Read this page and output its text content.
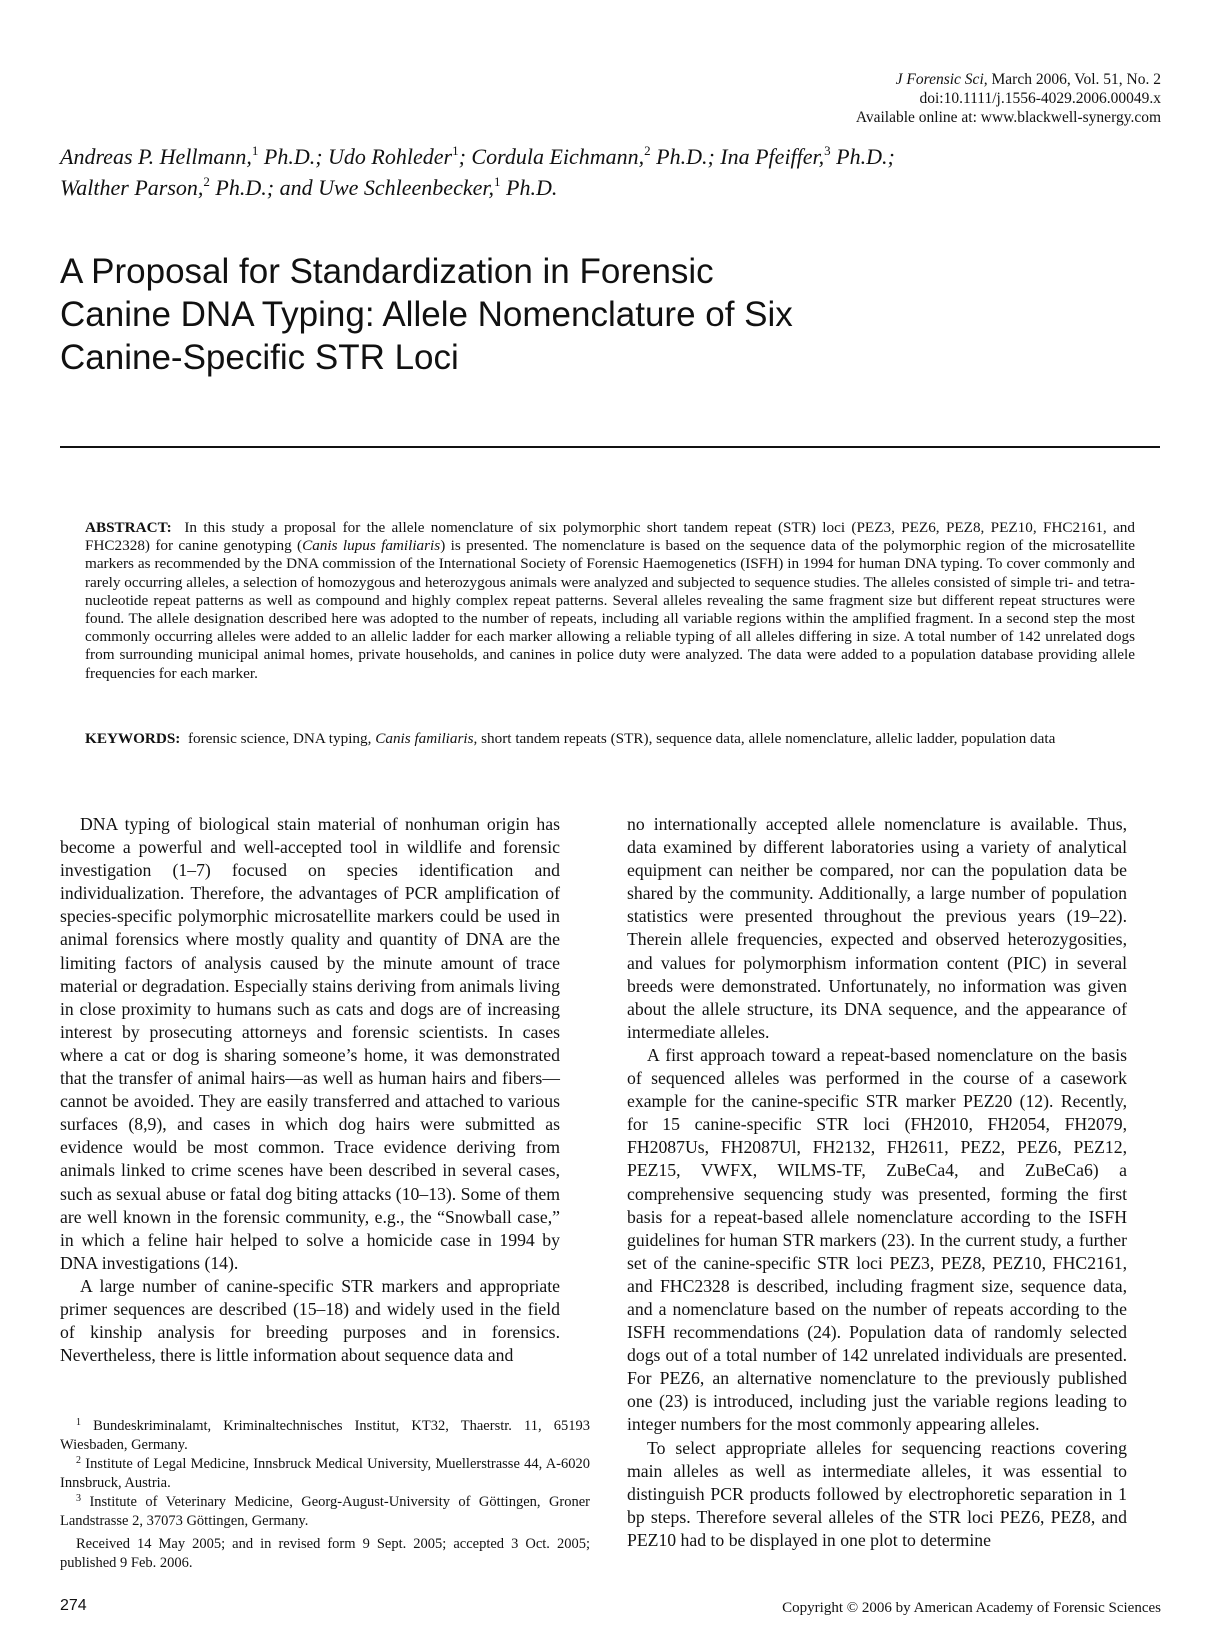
J Forensic Sci, March 2006, Vol. 51, No. 2
doi:10.1111/j.1556-4029.2006.00049.x
Available online at: www.blackwell-synergy.com
Andreas P. Hellmann,$^1$ Ph.D.; Udo Rohleder$^1$; Cordula Eichmann,$^2$ Ph.D.; Ina Pfeiffer,$^3$ Ph.D.;
Walther Parson,$^2$ Ph.D.; and Uwe Schleenbecker,$^1$ Ph.D.
A Proposal for Standardization in Forensic
Canine DNA Typing: Allele Nomenclature of Six
Canine-Specific STR Loci
ABSTRACT: In this study a proposal for the allele nomenclature of six polymorphic short tandem repeat (STR) loci (PEZ3, PEZ6, PEZ8, PEZ10, FHC2161, and FHC2328) for canine genotyping (Canis lupus familiaris) is presented. The nomenclature is based on the sequence data of the polymorphic region of the microsatellite markers as recommended by the DNA commission of the International Society of Forensic Haemogenetics (ISFH) in 1994 for human DNA typing. To cover commonly and rarely occurring alleles, a selection of homozygous and heterozygous animals were analyzed and subjected to sequence studies. The alleles consisted of simple tri- and tetra-nucleotide repeat patterns as well as compound and highly complex repeat patterns. Several alleles revealing the same fragment size but different repeat structures were found. The allele designation described here was adopted to the number of repeats, including all variable regions within the amplified fragment. In a second step the most commonly occurring alleles were added to an allelic ladder for each marker allowing a reliable typing of all alleles differing in size. A total number of 142 unrelated dogs from surrounding municipal animal homes, private households, and canines in police duty were analyzed. The data were added to a population database providing allele frequencies for each marker.
KEYWORDS: forensic science, DNA typing, Canis familiaris, short tandem repeats (STR), sequence data, allele nomenclature, allelic ladder, population data

DNA typing of biological stain material of nonhuman origin has become a powerful and well-accepted tool in wildlife and forensic investigation (1–7) focused on species identification and individualization. Therefore, the advantages of PCR amplification of species-specific polymorphic microsatellite markers could be used in animal forensics where mostly quality and quantity of DNA are the limiting factors of analysis caused by the minute amount of trace material or degradation. Especially stains deriving from animals living in close proximity to humans such as cats and dogs are of increasing interest by prosecuting attorneys and forensic scientists. In cases where a cat or dog is sharing someone’s home, it was demonstrated that the transfer of animal hairs—as well as human hairs and fibers—cannot be avoided. They are easily transferred and attached to various surfaces (8,9), and cases in which dog hairs were submitted as evidence would be most common. Trace evidence deriving from animals linked to crime scenes have been described in several cases, such as sexual abuse or fatal dog biting attacks (10–13). Some of them are well known in the forensic community, e.g., the “Snowball case,” in which a feline hair helped to solve a homicide case in 1994 by DNA investigations (14).

A large number of canine-specific STR markers and appropriate primer sequences are described (15–18) and widely used in the field of kinship analysis for breeding purposes and in forensics. Nevertheless, there is little information about sequence data and

no internationally accepted allele nomenclature is available. Thus, data examined by different laboratories using a variety of analytical equipment can neither be compared, nor can the population data be shared by the community. Additionally, a large number of population statistics were presented throughout the previous years (19–22). Therein allele frequencies, expected and observed heterozygosities, and values for polymorphism information content (PIC) in several breeds were demonstrated. Unfortunately, no information was given about the allele structure, its DNA sequence, and the appearance of intermediate alleles.

A first approach toward a repeat-based nomenclature on the basis of sequenced alleles was performed in the course of a casework example for the canine-specific STR marker PEZ20 (12). Recently, for 15 canine-specific STR loci (FH2010, FH2054, FH2079, FH2087Us, FH2087Ul, FH2132, FH2611, PEZ2, PEZ6, PEZ12, PEZ15, VWFX, WILMS-TF, ZuBeCa4, and ZuBeCa6) a comprehensive sequencing study was presented, forming the first basis for a repeat-based allele nomenclature according to the ISFH guidelines for human STR markers (23). In the current study, a further set of the canine-specific STR loci PEZ3, PEZ8, PEZ10, FHC2161, and FHC2328 is described, including fragment size, sequence data, and a nomenclature based on the number of repeats according to the ISFH recommendations (24). Population data of randomly selected dogs out of a total number of 142 unrelated individuals are presented. For PEZ6, an alternative nomenclature to the previously published one (23) is introduced, including just the variable regions leading to integer numbers for the most commonly appearing alleles.

To select appropriate alleles for sequencing reactions covering main alleles as well as intermediate alleles, it was essential to distinguish PCR products followed by electrophoretic separation in 1 bp steps. Therefore several alleles of the STR loci PEZ6, PEZ8, and PEZ10 had to be displayed in one plot to determine

$^1$ Bundeskriminalamt, Kriminaltechnisches Institut, KT32, Thaerstr. 11, 65193 Wiesbaden, Germany.

$^2$ Institute of Legal Medicine, Innsbruck Medical University, Muellerstrasse 44, A-6020 Innsbruck, Austria.

$^3$ Institute of Veterinary Medicine, Georg-August-University of Göttingen, Groner Landstrasse 2, 37073 Göttingen, Germany.

Received 14 May 2005; and in revised form 9 Sept. 2005; accepted 3 Oct. 2005; published 9 Feb. 2006.

274	Copyright © 2006 by American Academy of Forensic Sciences
